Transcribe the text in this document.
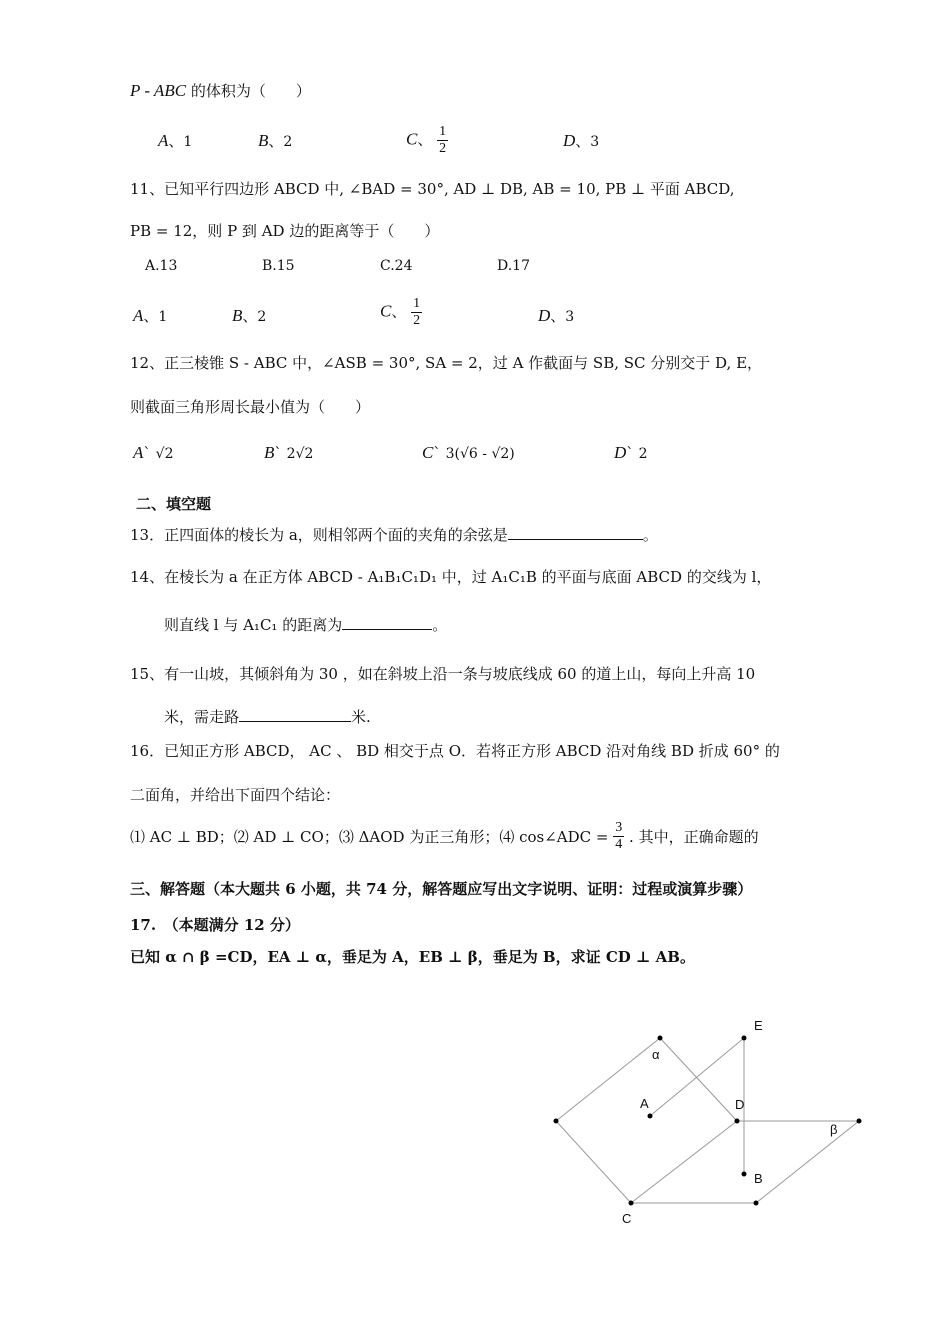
P - ABC 的体积为（　　）
A、1	B、2	C、 $\frac{1}{2}$	D、3
11、已知平行四边形 ABCD 中, ∠BAD = 30°, AD ⊥ DB, AB = 10, PB ⊥ 平面 ABCD,
PB = 12，则 P 到 AD 边的距离等于（　　）
A.13	B.15	C.24	D.17
A、1	B、2	C、 $\frac{1}{2}$	D、3
12、正三棱锥 S - ABC 中，∠ASB = 30°, SA = 2，过 A 作截面与 SB, SC 分别交于 D, E，
则截面三角形周长最小值为（　　）
A` √2	B` 2√2	C` 3(√6 - √2)	D` 2
二、填空题
13．正四面体的棱长为 a，则相邻两个面的夹角的余弦是	。
14、在棱长为 a 在正方体 ABCD - A₁B₁C₁D₁ 中，过 A₁C₁B 的平面与底面 ABCD 的交线为 l，
则直线 l 与 A₁C₁ 的距离为	。
15、有一山坡，其倾斜角为 30 ，如在斜坡上沿一条与坡底线成 60 的道上山，每向上升高 10
米，需走路	米.
16．已知正方形 ABCD， AC 、 BD 相交于点 O．若将正方形 ABCD 沿对角线 BD 折成 60° 的
二面角，并给出下面四个结论：
⑴ AC ⊥ BD；⑵ AD ⊥ CO；⑶ ΔAOD 为正三角形；⑷ cos∠ADC = $\frac{3}{4}$ . 其中，正确命题的
三、解答题（本大题共 6 小题，共 74 分，解答题应写出文字说明、证明：过程或演算步骤）
17.　（本题满分 12 分）
已知 α ∩ β =CD，EA ⊥ α，垂足为 A，EB ⊥ β，垂足为 B，求证 CD ⊥ AB。
E
α
A	D
β
B
C
